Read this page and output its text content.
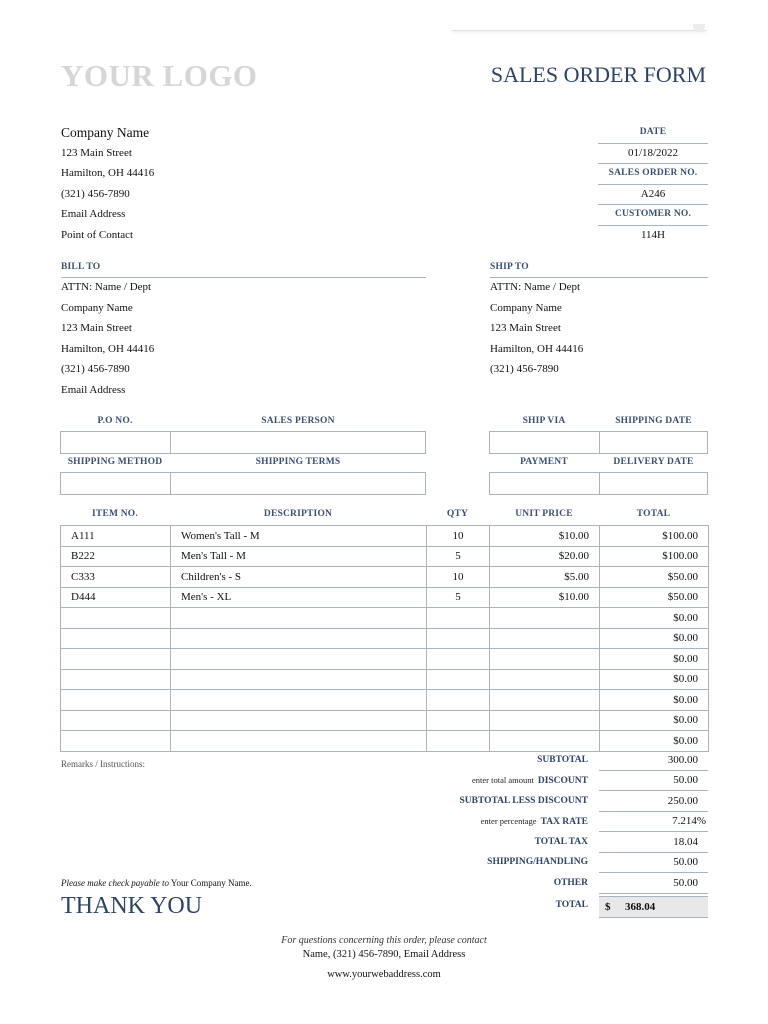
YOUR LOGO	SALES ORDER FORM
Company Name
123 Main Street
Hamilton, OH 44416
(321) 456-7890
Email Address
Point of Contact
DATE
01/18/2022
SALES ORDER NO.
A246
CUSTOMER NO.
114H
BILL TO
ATTN: Name / Dept
Company Name
123 Main Street
Hamilton, OH 44416
(321) 456-7890
Email Address
SHIP TO
ATTN: Name / Dept
Company Name
123 Main Street
Hamilton, OH 44416
(321) 456-7890
P.O NO.	SALES PERSON	SHIP VIA	SHIPPING DATE
SHIPPING METHOD	SHIPPING TERMS	PAYMENT	DELIVERY DATE
ITEM NO.	DESCRIPTION	QTY	UNIT PRICE	TOTAL
A111	Women's Tall - M	10	$10.00	$100.00
B222	Men's Tall - M	5	$20.00	$100.00
C333	Children's - S	10	$5.00	$50.00
D444	Men's - XL	5	$10.00	$50.00
				$0.00
				$0.00
				$0.00
				$0.00
				$0.00
				$0.00
				$0.00
Remarks / Instructions:	SUBTOTAL	300.00
enter total amount DISCOUNT	50.00
SUBTOTAL LESS DISCOUNT	250.00
enter percentage TAX RATE	7.214%
TOTAL TAX	18.04
SHIPPING/HANDLING	50.00
OTHER	50.00
TOTAL $ 368.04
Please make check payable to Your Company Name.
THANK YOU
For questions concerning this order, please contact
Name, (321) 456-7890, Email Address
www.yourwebaddress.com
